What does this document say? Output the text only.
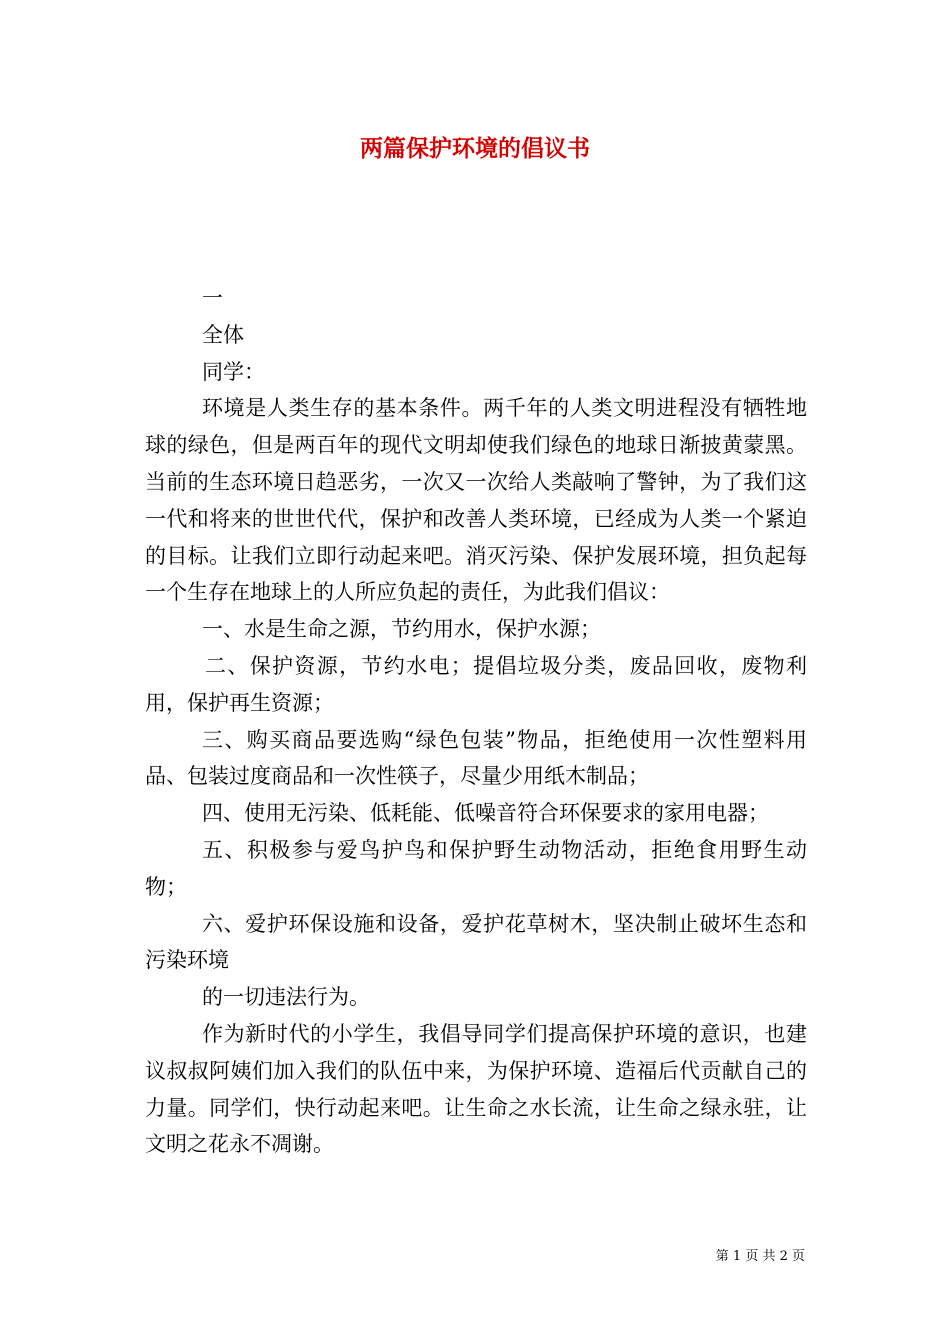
两篇保护环境的倡议书

一

全体

同学：

环境是人类生存的基本条件。两千年的人类文明进程没有牺牲地球的绿色，但是两百年的现代文明却使我们绿色的地球日渐披黄蒙黑。当前的生态环境日趋恶劣，一次又一次给人类敲响了警钟，为了我们这一代和将来的世世代代，保护和改善人类环境，已经成为人类一个紧迫的目标。让我们立即行动起来吧。消灭污染、保护发展环境，担负起每一个生存在地球上的人所应负起的责任，为此我们倡议：

一、水是生命之源，节约用水，保护水源；

二、保护资源，节约水电；提倡垃圾分类，废品回收，废物利用，保护再生资源；

三、购买商品要选购“绿色包装”物品，拒绝使用一次性塑料用品、包装过度商品和一次性筷子，尽量少用纸木制品；

四、使用无污染、低耗能、低噪音符合环保要求的家用电器；

五、积极参与爱鸟护鸟和保护野生动物活动，拒绝食用野生动物；

六、爱护环保设施和设备，爱护花草树木，坚决制止破坏生态和污染环境

的一切违法行为。

作为新时代的小学生，我倡导同学们提高保护环境的意识，也建议叔叔阿姨们加入我们的队伍中来，为保护环境、造福后代贡献自己的力量。同学们，快行动起来吧。让生命之水长流，让生命之绿永驻，让文明之花永不凋谢。

第 1 页 共 2 页
